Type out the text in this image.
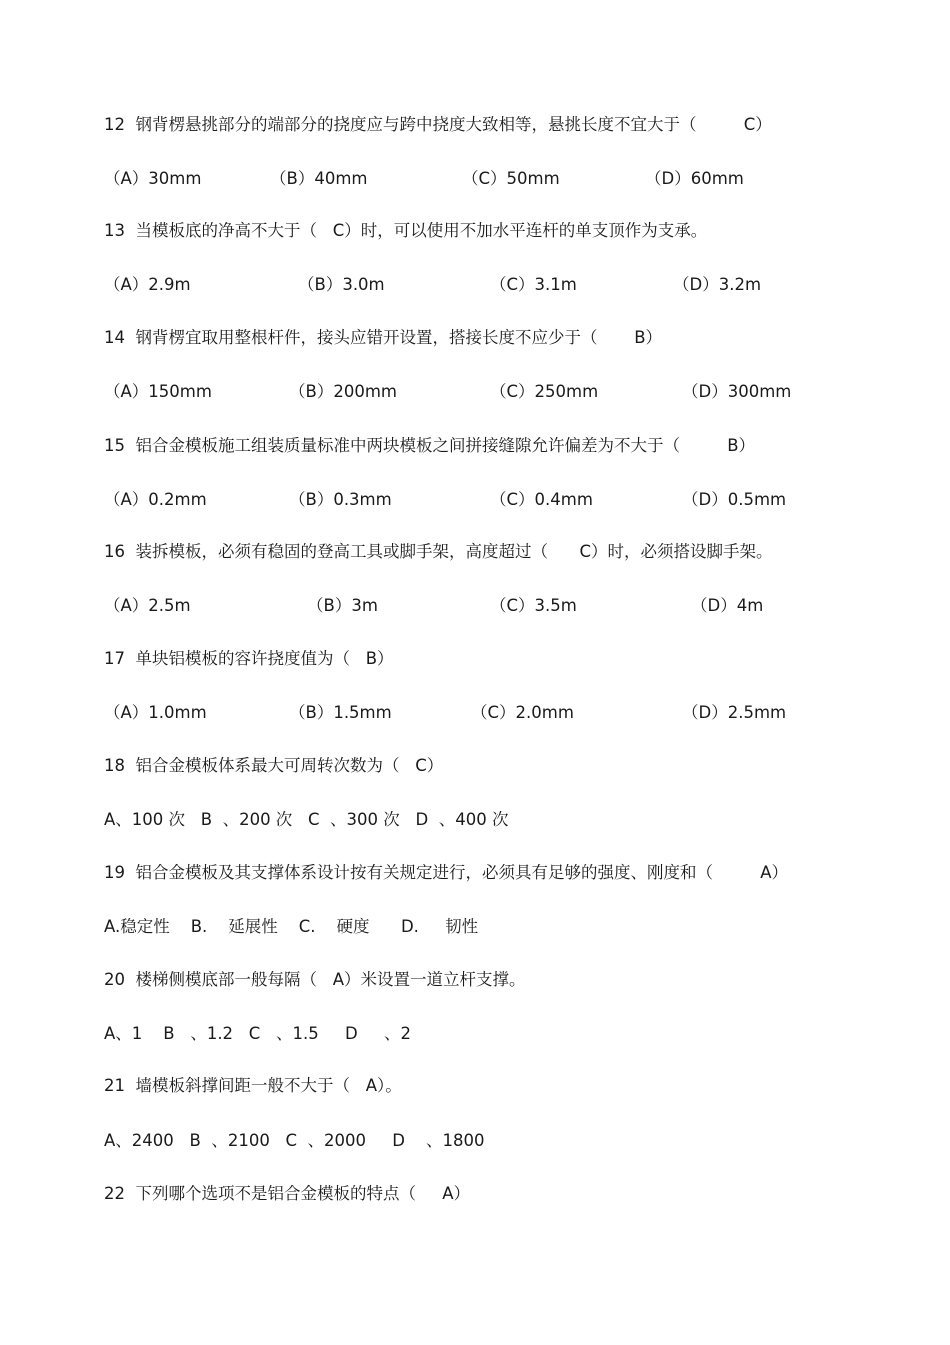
12  钢背楞悬挑部分的端部分的挠度应与跨中挠度大致相等，悬挑长度不宜大于（         C）
（A）30mm	（B）40mm	（C）50mm	（D）60mm
13  当模板底的净高不大于（   C）时，可以使用不加水平连杆的单支顶作为支承。
（A）2.9m	（B）3.0m	（C）3.1m	（D）3.2m
14  钢背楞宜取用整根杆件，接头应错开设置，搭接长度不应少于（       B）
（A）150mm	（B）200mm	（C）250mm	（D）300mm
15  铝合金模板施工组装质量标准中两块模板之间拼接缝隙允许偏差为不大于（         B）
（A）0.2mm	（B）0.3mm	（C）0.4mm	（D）0.5mm
16  装拆模板，必须有稳固的登高工具或脚手架，高度超过（      C）时，必须搭设脚手架。
（A）2.5m	（B）3m	（C）3.5m	（D）4m
17  单块铝模板的容许挠度值为（   B）
（A）1.0mm	（B）1.5mm	（C）2.0mm	（D）2.5mm
18  铝合金模板体系最大可周转次数为（   C）
A、100 次   B  、200 次   C  、300 次   D  、400 次
19  铝合金模板及其支撑体系设计按有关规定进行，必须具有足够的强度、刚度和（         A）
A.稳定性    B.    延展性    C.    硬度      D.     韧性
20  楼梯侧模底部一般每隔（   A）米设置一道立杆支撑。
A、1    B   、1.2   C   、1.5     D     、2
21  墙模板斜撑间距一般不大于（   A）。
A、2400   B  、2100   C  、2000     D    、1800
22  下列哪个选项不是铝合金模板的特点（     A）
